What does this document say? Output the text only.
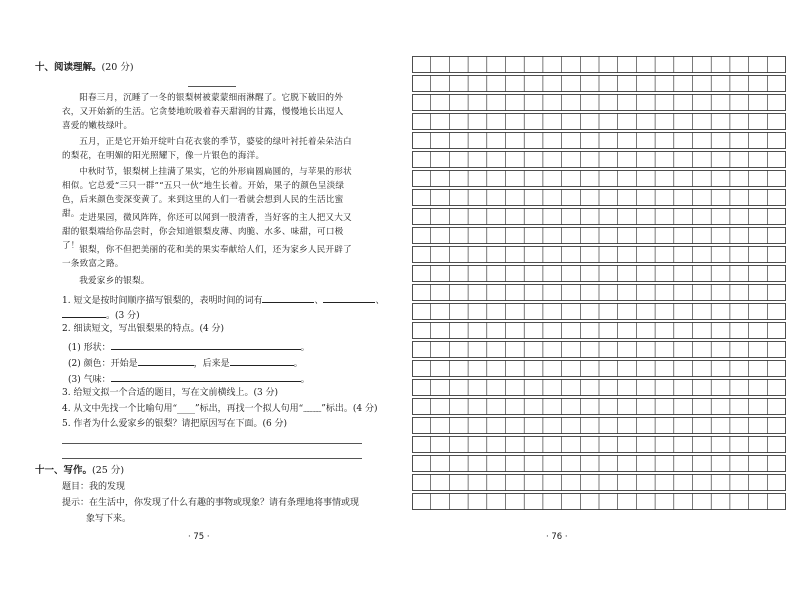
十、阅读理解。(20 分)
阳春三月，沉睡了一冬的银梨树被蒙蒙细雨淋醒了。它脱下破旧的外衣，又开始新的生活。它贪婪地吮吸着春天甜润的甘露，慢慢地长出逗人喜爱的嫩枝绿叶。
五月，正是它开始开绽叶白花衣裳的季节，婆娑的绿叶衬托着朵朵洁白的梨花，在明媚的阳光照耀下，像一片银色的海洋。
中秋时节，银梨树上挂满了果实，它的外形扁圆扁圆的，与苹果的形状相似。它总爱“三只一群”“五只一伙”地生长着。开始，果子的颜色呈淡绿色，后来颜色变深变黄了。来到这里的人们一看就会想到人民的生活比蜜甜。 走进果园，微风阵阵，你还可以闻到一股清香，当好客的主人把又大又甜的银梨端给你品尝时，你会知道银梨皮薄、肉脆、水多、味甜，可口极了！ 银梨，你不但把美丽的花和美的果实奉献给人们，还为家乡人民开辟了一条致富之路。
我爱家乡的银梨。
1. 短文是按时间顺序描写银梨的，表明时间的词有	、	、
。(3 分)
2. 细读短文，写出银梨果的特点。(4 分)
(1) 形状：	。
(2) 颜色：开始是	，后来是	。
(3) 气味：	。
3. 给短文拟一个合适的题目，写在文前横线上。(3 分)
4. 从文中先找一个比喻句用“____”标出，再找一个拟人句用“﹏﹏”标出。(4 分)
5. 作者为什么爱家乡的银梨？请把原因写在下面。(6 分)
十一、写作。(25 分)
题目：我的发现
提示：在生活中，你发现了什么有趣的事物或现象？请有条理地将事情或现
象写下来。
· 75 ·	· 76 ·
